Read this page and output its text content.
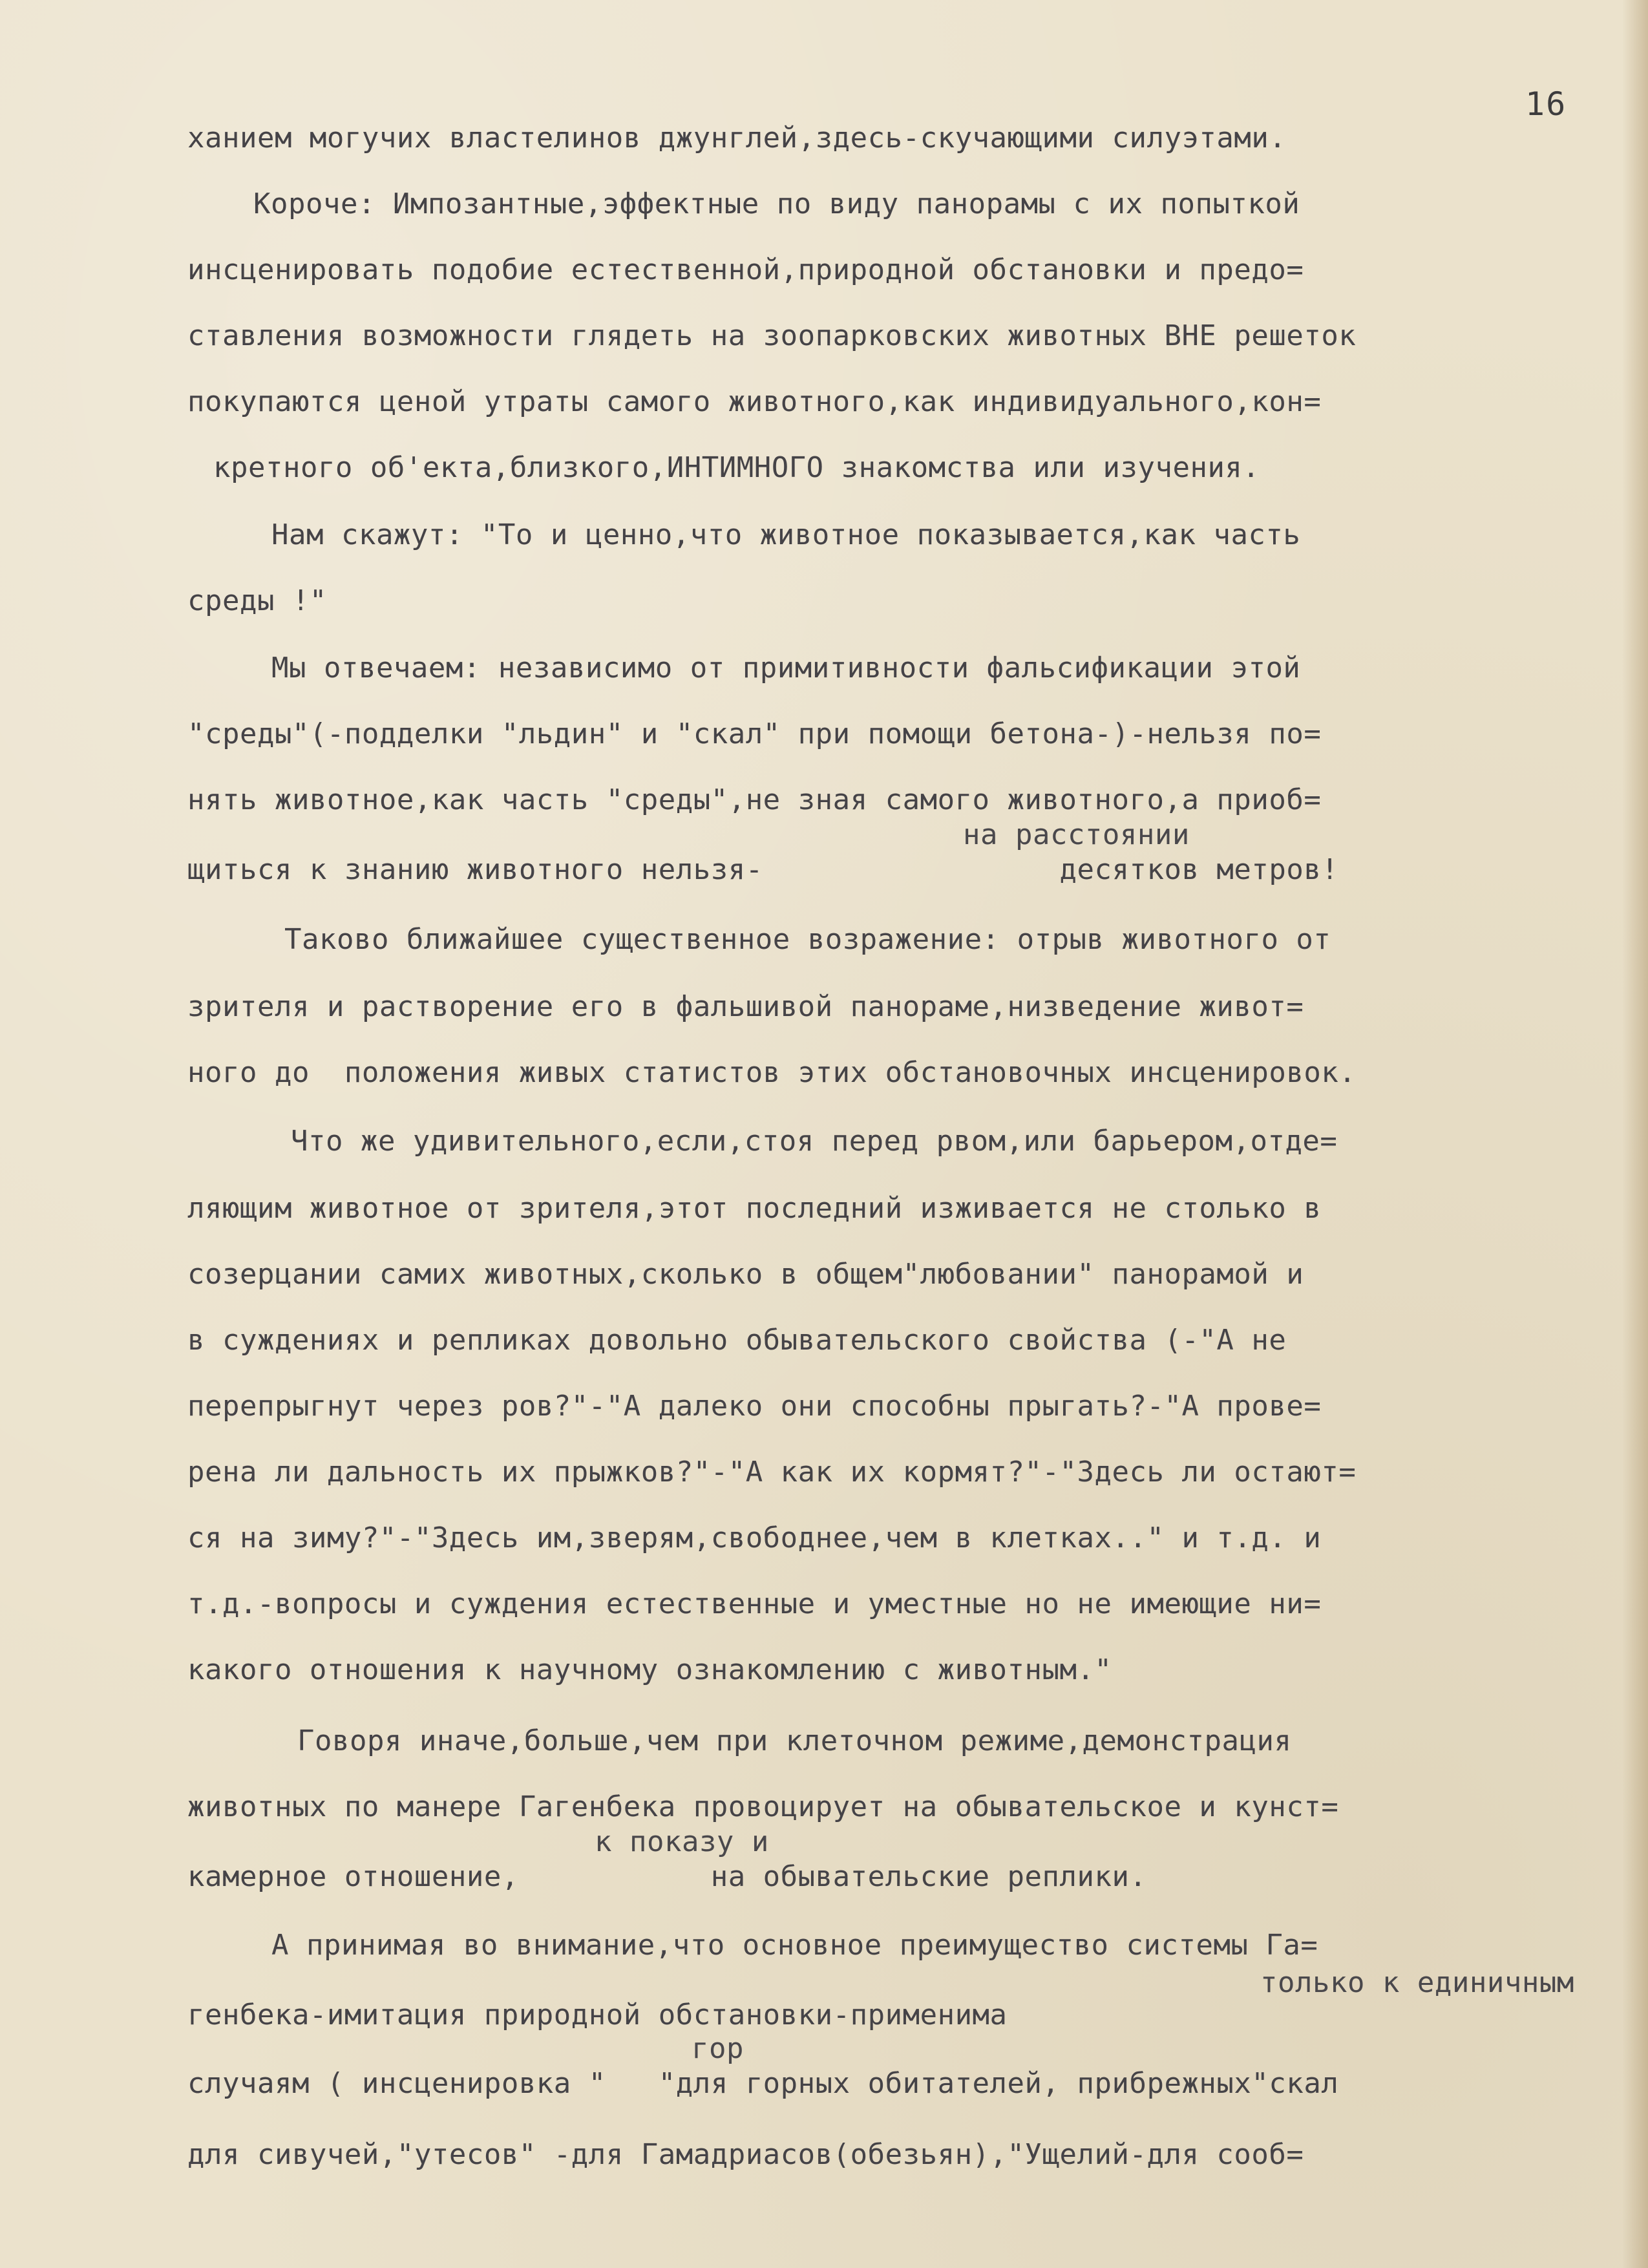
16
ханием могучих властелинов джунглей,здесь-скучающими силуэтами.
Короче: Импозантные,эффектные по виду панорамы с их попыткой
инсценировать подобие естественной,природной обстановки и предо=
ставления возможности глядеть на зоопарковских животных ВНЕ решеток
покупаются ценой утраты самого животного,как индивидуального,кон=
кретного об'екта,близкого,ИНТИМНОГО знакомства или изучения.
Нам скажут: "То и ценно,что животное показывается,как часть
среды !"
Мы отвечаем: независимо от примитивности фальсификации этой
"среды"(-подделки "льдин" и "скал" при помощи бетона-)-нельзя по=
нять животное,как часть "среды",не зная самого животного,а приоб=
на расстоянии
щиться к знанию животного нельзя-                 десятков метров!
Таково ближайшее существенное возражение: отрыв животного от
зрителя и растворение его в фальшивой панораме,низведение живот=
ного до  положения живых статистов этих обстановочных инсценировок.
Что же удивительного,если,стоя перед рвом,или барьером,отде=
ляющим животное от зрителя,этот последний изживается не столько в
созерцании самих животных,сколько в общем"любовании" панорамой и
в суждениях и репликах довольно обывательского свойства (-"А не
перепрыгнут через ров?"-"А далеко они способны прыгать?-"А прове=
рена ли дальность их прыжков?"-"А как их кормят?"-"Здесь ли остают=
ся на зиму?"-"Здесь им,зверям,свободнее,чем в клетках.." и т.д. и
т.д.-вопросы и суждения естественные и уместные но не имеющие ни=
какого отношения к научному ознакомлению с животным."
Говоря иначе,больше,чем при клеточном режиме,демонстрация
животных по манере Гагенбека провоцирует на обывательское и кунст=
к показу и
камерное отношение,           на обывательские реплики.
А принимая во внимание,что основное преимущество системы Га=
только к единичным
генбека-имитация природной обстановки-применима
гор
случаям ( инсценировка "   "для горных обитателей, прибрежных"скал
для сивучей,"утесов" -для Гамадриасов(обезьян),"Ущелий-для сооб=
